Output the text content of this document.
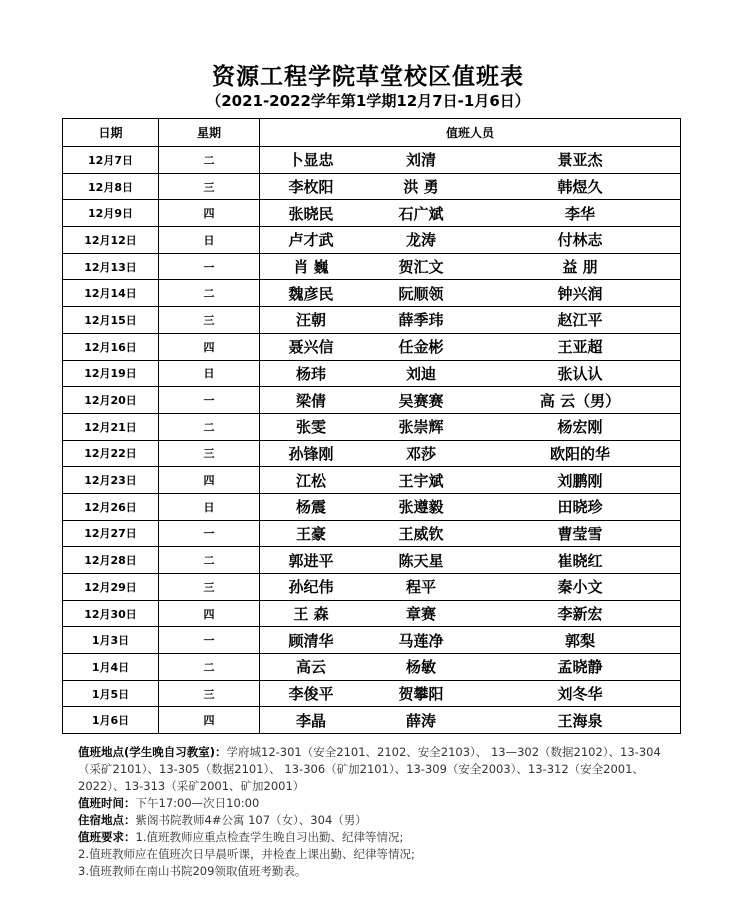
资源工程学院草堂校区值班表
（2021-2022学年第1学期12月7日-1月6日）
日期	星期	值班人员
12月7日	二	卜显忠 刘清 景亚杰

12月8日	三	李枚阳 洪 勇 韩煜久

12月9日	四	张晓民 石广斌 李华

12月12日	日	卢才武 龙涛 付林志

12月13日	一	肖 巍 贺汇文 益 朋

12月14日	二	魏彦民 阮顺领 钟兴润

12月15日	三	汪朝 薛季玮 赵江平

12月16日	四	聂兴信 任金彬 王亚超

12月19日	日	杨玮 刘迪 张认认

12月20日	一	梁倩 吴赛赛 高 云（男）

12月21日	二	张雯 张崇辉 杨宏刚

12月22日	三	孙锋刚 邓莎 欧阳的华

12月23日	四	江松 王宇斌 刘鹏刚

12月26日	日	杨震 张遵毅 田晓珍

12月27日	一	王豪 王威钦 曹莹雪

12月28日	二	郭进平 陈天星 崔晓红

12月29日	三	孙纪伟 程平 秦小文

12月30日	四	王 森 章赛 李新宏

1月3日	一	顾清华 马莲净 郭梨

1月4日	二	高云 杨敏 孟晓静

1月5日	三	李俊平 贺攀阳 刘冬华

1月6日	四	李晶 薛涛 王海泉

值班地点(学生晚自习教室)：学府城12-301（安全2101、2102、安全2103）、 13—302（数据2102）、13-304（采矿2101）、13-305（数据2101）、 13-306（矿加2101）、13-309（安全2003）、13-312（安全2001、2022）、13-313（采矿2001、矿加2001）

值班时间：下午17:00—次日10:00

住宿地点：紫阁书院教师4#公寓 107（女）、304（男）

值班要求：1.值班教师应重点检查学生晚自习出勤、纪律等情况;

2.值班教师应在值班次日早晨听课，并检查上课出勤、纪律等情况;

3.值班教师在南山书院209领取值班考勤表。
